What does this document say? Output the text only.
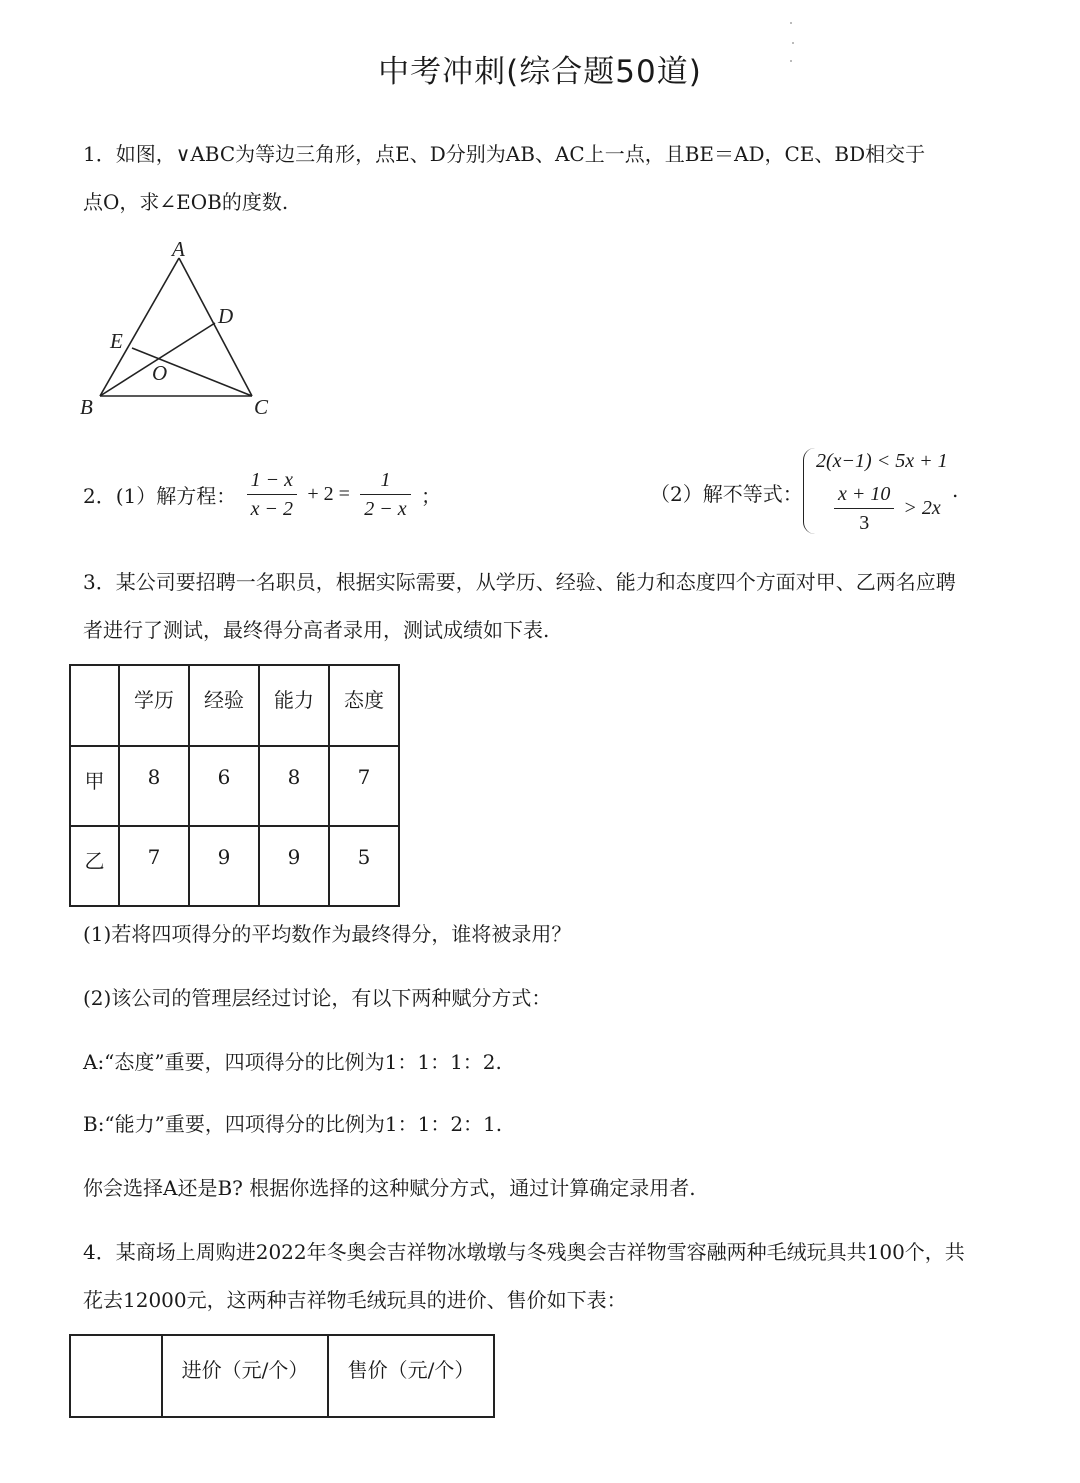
中考冲刺(综合题50道)
1．如图，∨ABC为等边三角形，点E、D分别为AB、AC上一点，且BE＝AD，CE、BD相交于
点O，求∠EOB的度数.
A
D
E
O
B	C
2．(1）解方程： $\frac{1 - x}{x - 2} + 2 = \frac{1}{2 - x}$ ；	（2）解不等式：
2(x−1) < 5x + 1
$\frac{x + 10}{3} > 2x$
.
3．某公司要招聘一名职员，根据实际需要，从学历、经验、能力和态度四个方面对甲、乙两名应聘
者进行了测试，最终得分高者录用，测试成绩如下表.
	学历	经验	能力	态度
甲	8	6	8	7
乙	7	9	9	5
(1)若将四项得分的平均数作为最终得分，谁将被录用？
(2)该公司的管理层经过讨论，有以下两种赋分方式：
A:“态度”重要，四项得分的比例为1：1：1：2.
B:“能力”重要，四项得分的比例为1：1：2：1.
你会选择A还是B? 根据你选择的这种赋分方式，通过计算确定录用者.
4．某商场上周购进2022年冬奥会吉祥物冰墩墩与冬残奥会吉祥物雪容融两种毛绒玩具共100个，共
花去12000元，这两种吉祥物毛绒玩具的进价、售价如下表：
	进价（元/个）	售价（元/个）
